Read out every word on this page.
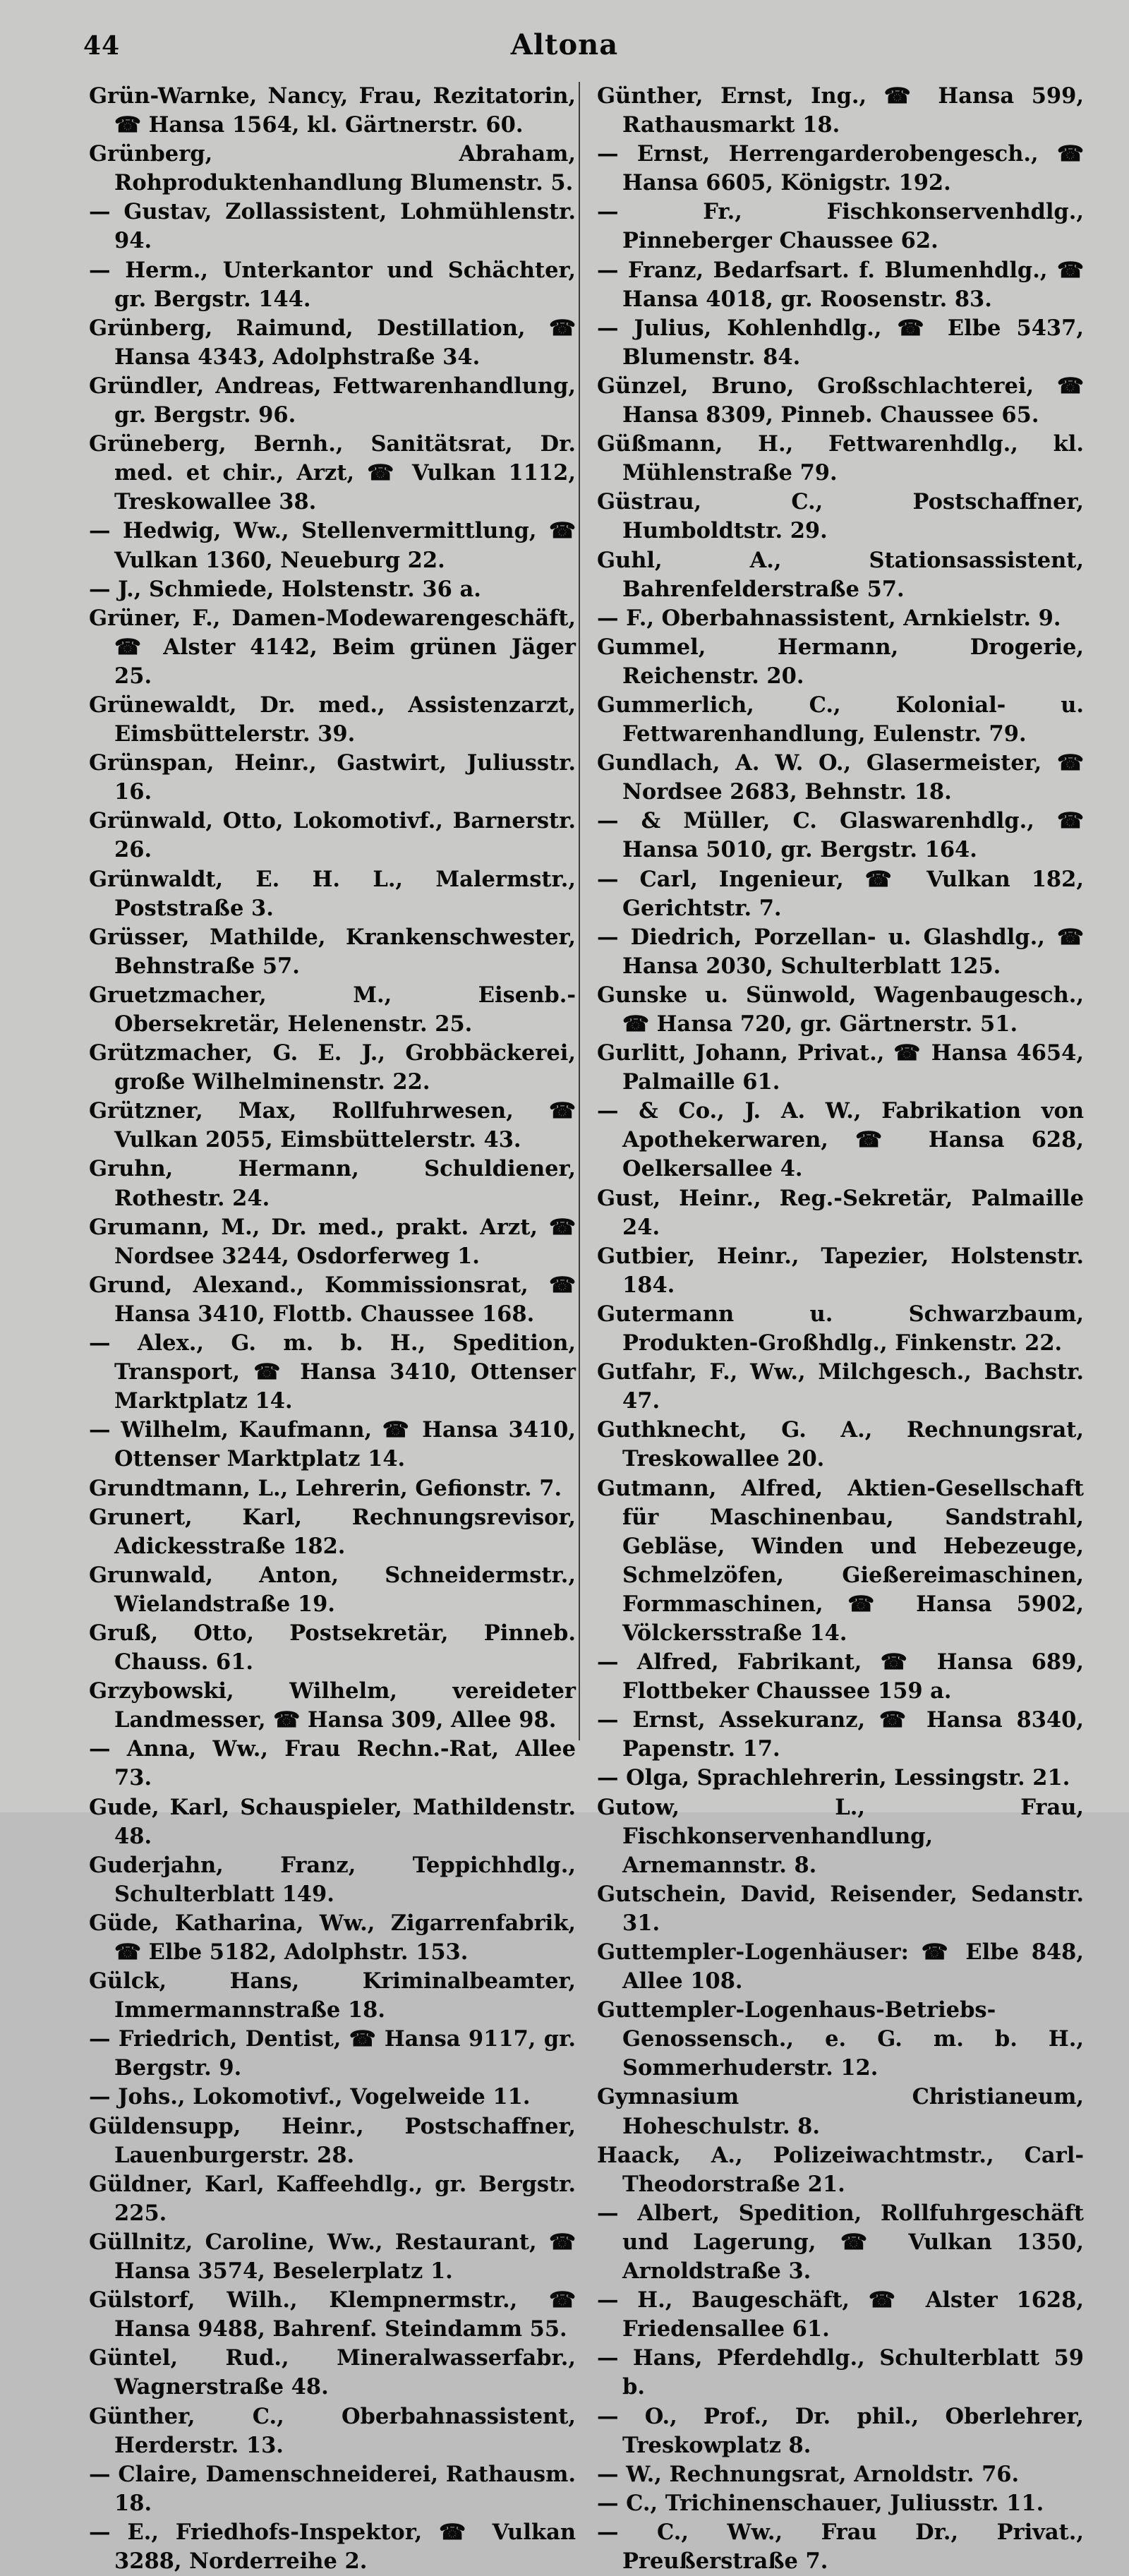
44	Altona

Grün-Warnke, Nancy, Frau, Rezitatorin, ☎ Hansa 1564, kl. Gärtnerstr. 60.

Grünberg, Abraham, Rohproduktenhandlung Blumenstr. 5.

— Gustav, Zollassistent, Lohmühlenstr. 94.

— Herm., Unterkantor und Schächter, gr. Bergstr. 144.

Grünberg, Raimund, Destillation, ☎ Hansa 4343, Adolphstraße 34.

Gründler, Andreas, Fettwarenhandlung, gr. Bergstr. 96.

Grüneberg, Bernh., Sanitätsrat, Dr. med. et chir., Arzt, ☎ Vulkan 1112, Treskowallee 38.

— Hedwig, Ww., Stellenvermittlung, ☎ Vulkan 1360, Neueburg 22.

— J., Schmiede, Holstenstr. 36 a.

Grüner, F., Damen-Modewarengeschäft, ☎ Alster 4142, Beim grünen Jäger 25.

Grünewaldt, Dr. med., Assistenzarzt, Eimsbüttelerstr. 39.

Grünspan, Heinr., Gastwirt, Juliusstr. 16.

Grünwald, Otto, Lokomotivf., Barnerstr. 26.

Grünwaldt, E. H. L., Malermstr., Poststraße 3.

Grüsser, Mathilde, Krankenschwester, Behnstraße 57.

Gruetzmacher, M., Eisenb.-Obersekretär, Helenenstr. 25.

Grützmacher, G. E. J., Grobbäckerei, große Wilhelminenstr. 22.

Grützner, Max, Rollfuhrwesen, ☎ Vulkan 2055, Eimsbüttelerstr. 43.

Gruhn, Hermann, Schuldiener, Rothestr. 24.

Grumann, M., Dr. med., prakt. Arzt, ☎ Nordsee 3244, Osdorferweg 1.

Grund, Alexand., Kommissionsrat, ☎ Hansa 3410, Flottb. Chaussee 168.

— Alex., G. m. b. H., Spedition, Transport, ☎ Hansa 3410, Ottenser Marktplatz 14.

— Wilhelm, Kaufmann, ☎ Hansa 3410, Ottenser Marktplatz 14.

Grundtmann, L., Lehrerin, Gefionstr. 7.

Grunert, Karl, Rechnungsrevisor, Adickesstraße 182.

Grunwald, Anton, Schneidermstr., Wielandstraße 19.

Gruß, Otto, Postsekretär, Pinneb. Chauss. 61.

Grzybowski, Wilhelm, vereideter Landmesser, ☎ Hansa 309, Allee 98.

— Anna, Ww., Frau Rechn.-Rat, Allee 73.

Gude, Karl, Schauspieler, Mathildenstr. 48.

Guderjahn, Franz, Teppichhdlg., Schulterblatt 149.

Güde, Katharina, Ww., Zigarrenfabrik, ☎ Elbe 5182, Adolphstr. 153.

Gülck, Hans, Kriminalbeamter, Immermannstraße 18.

— Friedrich, Dentist, ☎ Hansa 9117, gr. Bergstr. 9.

— Johs., Lokomotivf., Vogelweide 11.

Güldensupp, Heinr., Postschaffner, Lauenburgerstr. 28.

Güldner, Karl, Kaffeehdlg., gr. Bergstr. 225.

Güllnitz, Caroline, Ww., Restaurant, ☎ Hansa 3574, Beselerplatz 1.

Gülstorf, Wilh., Klempnermstr., ☎ Hansa 9488, Bahrenf. Steindamm 55.

Güntel, Rud., Mineralwasserfabr., Wagnerstraße 48.

Günther, C., Oberbahnassistent, Herderstr. 13.

— Claire, Damenschneiderei, Rathausm. 18.

— E., Friedhofs-Inspektor, ☎ Vulkan 3288, Norderreihe 2.

Günther, Ernst, Ing., ☎ Hansa 599, Rathausmarkt 18.

— Ernst, Herrengarderobengesch., ☎ Hansa 6605, Königstr. 192.

— Fr., Fischkonservenhdlg., Pinneberger Chaussee 62.

— Franz, Bedarfsart. f. Blumenhdlg., ☎ Hansa 4018, gr. Roosenstr. 83.

— Julius, Kohlenhdlg., ☎ Elbe 5437, Blumenstr. 84.

Günzel, Bruno, Großschlachterei, ☎ Hansa 8309, Pinneb. Chaussee 65.

Güßmann, H., Fettwarenhdlg., kl. Mühlenstraße 79.

Güstrau, C., Postschaffner, Humboldtstr. 29.

Guhl, A., Stationsassistent, Bahrenfelderstraße 57.

— F., Oberbahnassistent, Arnkielstr. 9.

Gummel, Hermann, Drogerie, Reichenstr. 20.

Gummerlich, C., Kolonial- u. Fettwarenhandlung, Eulenstr. 79.

Gundlach, A. W. O., Glasermeister, ☎ Nordsee 2683, Behnstr. 18.

— & Müller, C. Glaswarenhdlg., ☎ Hansa 5010, gr. Bergstr. 164.

— Carl, Ingenieur, ☎ Vulkan 182, Gerichtstr. 7.

— Diedrich, Porzellan- u. Glashdlg., ☎ Hansa 2030, Schulterblatt 125.

Gunske u. Sünwold, Wagenbaugesch., ☎ Hansa 720, gr. Gärtnerstr. 51.

Gurlitt, Johann, Privat., ☎ Hansa 4654, Palmaille 61.

— & Co., J. A. W., Fabrikation von Apothekerwaren, ☎ Hansa 628, Oelkersallee 4.

Gust, Heinr., Reg.-Sekretär, Palmaille 24.

Gutbier, Heinr., Tapezier, Holstenstr. 184.

Gutermann u. Schwarzbaum, Produkten-Großhdlg., Finkenstr. 22.

Gutfahr, F., Ww., Milchgesch., Bachstr. 47.

Guthknecht, G. A., Rechnungsrat, Treskowallee 20.

Gutmann, Alfred, Aktien-Gesellschaft für Maschinenbau, Sandstrahl, Gebläse, Winden und Hebezeuge, Schmelzöfen, Gießereimaschinen, Formmaschinen, ☎ Hansa 5902, Völckersstraße 14.

— Alfred, Fabrikant, ☎ Hansa 689, Flottbeker Chaussee 159 a.

— Ernst, Assekuranz, ☎ Hansa 8340, Papenstr. 17.

— Olga, Sprachlehrerin, Lessingstr. 21.

Gutow, L., Frau, Fischkonservenhandlung, Arnemannstr. 8.

Gutschein, David, Reisender, Sedanstr. 31.

Guttempler-Logenhäuser: ☎ Elbe 848, Allee 108.

Guttempler-Logenhaus-Betriebs-Genossensch., e. G. m. b. H., Sommerhuderstr. 12.

Gymnasium Christianeum, Hoheschulstr. 8.

Haack, A., Polizeiwachtmstr., Carl-Theodorstraße 21.

— Albert, Spedition, Rollfuhrgeschäft und Lagerung, ☎ Vulkan 1350, Arnoldstraße 3.

— H., Baugeschäft, ☎ Alster 1628, Friedensallee 61.

— Hans, Pferdehdlg., Schulterblatt 59 b.

— O., Prof., Dr. phil., Oberlehrer, Treskowplatz 8.

— W., Rechnungsrat, Arnoldstr. 76.

— C., Trichinenschauer, Juliusstr. 11.

— C., Ww., Frau Dr., Privat., Preußerstraße 7.
